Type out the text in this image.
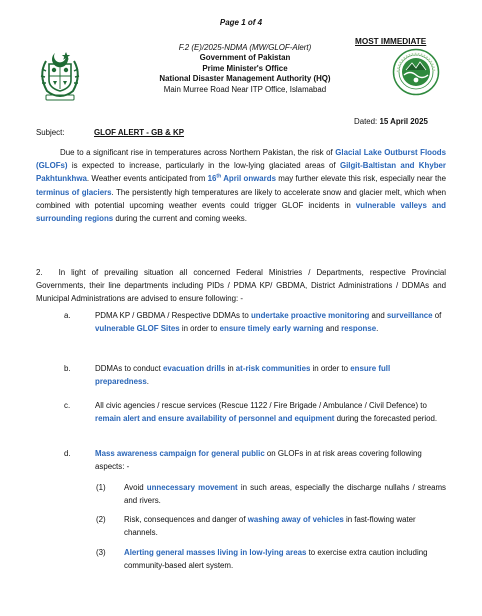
Page 1 of 4
MOST IMMEDIATE
F.2 (E)/2025-NDMA (MW/GLOF-Alert)
Government of Pakistan
Prime Minister's Office
National Disaster Management Authority (HQ)
Main Murree Road Near ITP Office, Islamabad
Dated: 15 April 2025
Subject:	GLOF ALERT - GB & KP
Due to a significant rise in temperatures across Northern Pakistan, the risk of Glacial Lake Outburst Floods (GLOFs) is expected to increase, particularly in the low-lying glaciated areas of Gilgit-Baltistan and Khyber Pakhtunkhwa. Weather events anticipated from 16th April onwards may further elevate this risk, especially near the terminus of glaciers. The persistently high temperatures are likely to accelerate snow and glacier melt, which when combined with potential upcoming weather events could trigger GLOF incidents in vulnerable valleys and surrounding regions during the current and coming weeks.
2. In light of prevailing situation all concerned Federal Ministries / Departments, respective Provincial Governments, their line departments including PIDs / PDMA KP/ GBDMA, District Administrations / DDMAs and Municipal Administrations are advised to ensure following: -
a.	PDMA KP / GBDMA / Respective DDMAs to undertake proactive monitoring and surveillance of vulnerable GLOF Sites in order to ensure timely early warning and response.
b.	DDMAs to conduct evacuation drills in at-risk communities in order to ensure full preparedness.
c.	All civic agencies / rescue services (Rescue 1122 / Fire Brigade / Ambulance / Civil Defence) to remain alert and ensure availability of personnel and equipment during the forecasted period.
d.	Mass awareness campaign for general public on GLOFs in at risk areas covering following aspects: -
(1) Avoid unnecessary movement in such areas, especially the discharge nullahs / streams and rivers.
(2) Risk, consequences and danger of washing away of vehicles in fast-flowing water channels.
(3) Alerting general masses living in low-lying areas to exercise extra caution including community-based alert system.
